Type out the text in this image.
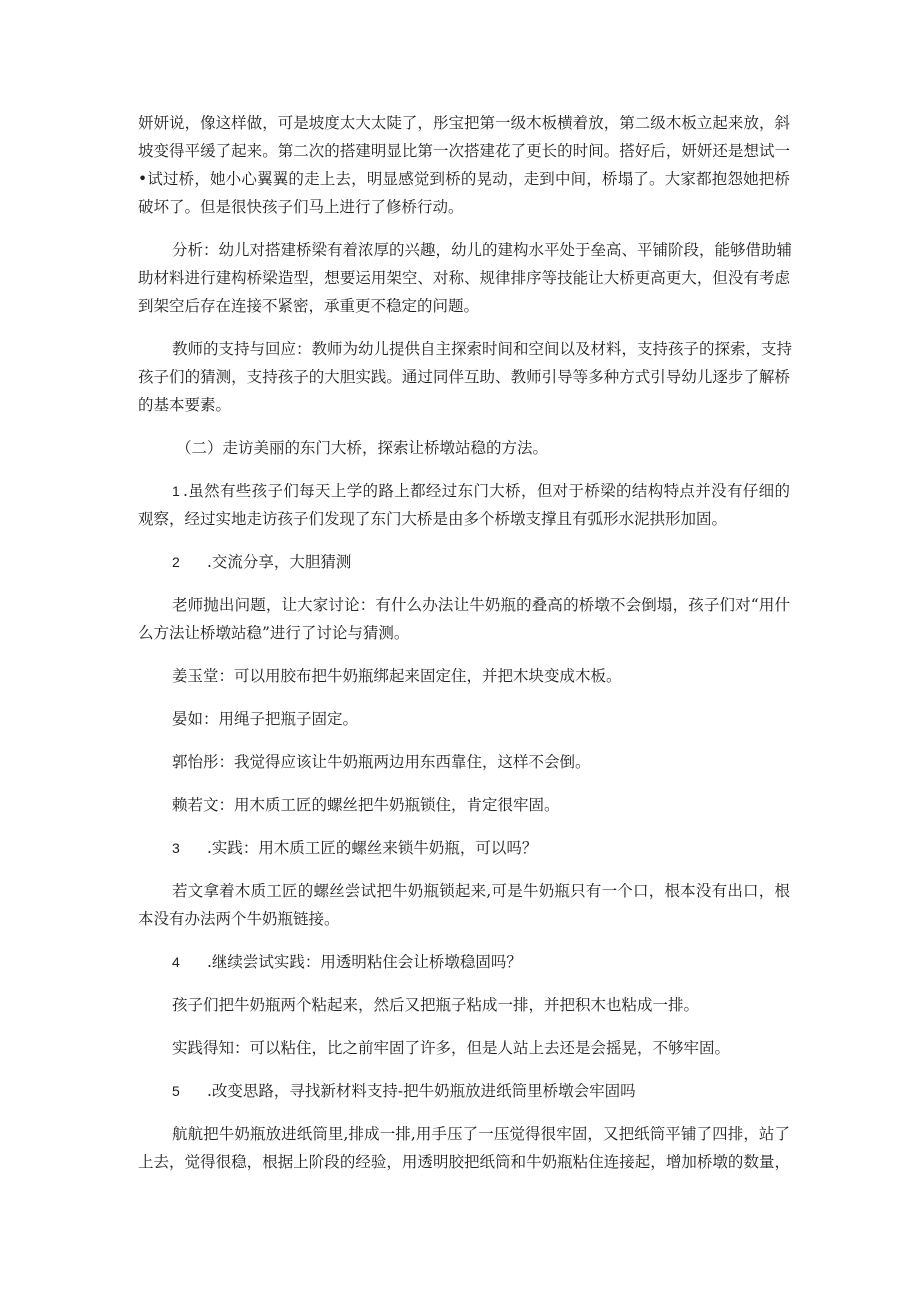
妍妍说，像这样做，可是坡度太大太陡了，彤宝把第一级木板横着放，第二级木板立起来放，斜
坡变得平缓了起来。第二次的搭建明显比第一次搭建花了更长的时间。搭好后，妍妍还是想试一
•试过桥，她小心翼翼的走上去，明显感觉到桥的晃动，走到中间，桥塌了。大家都抱怨她把桥
破坏了。但是很快孩子们马上进行了修桥行动。
分析：幼儿对搭建桥梁有着浓厚的兴趣，幼儿的建构水平处于垒高、平铺阶段，能够借助辅
助材料进行建构桥梁造型，想要运用架空、对称、规律排序等技能让大桥更高更大，但没有考虑
到架空后存在连接不紧密，承重更不稳定的问题。
教师的支持与回应：教师为幼儿提供自主探索时间和空间以及材料，支持孩子的探索，支持
孩子们的猜测，支持孩子的大胆实践。通过同伴互助、教师引导等多种方式引导幼儿逐步了解桥
的基本要素。
（二）走访美丽的东门大桥，探索让桥墩站稳的方法。
1 .虽然有些孩子们每天上学的路上都经过东门大桥，但对于桥梁的结构特点并没有仔细的
观察，经过实地走访孩子们发现了东门大桥是由多个桥墩支撑且有弧形水泥拱形加固。
2 .交流分享，大胆猜测
老师抛出问题，让大家讨论：有什么办法让牛奶瓶的叠高的桥墩不会倒塌，孩子们对“用什
么方法让桥墩站稳”进行了讨论与猜测。
姜玉堂：可以用胶布把牛奶瓶绑起来固定住，并把木块变成木板。
晏如：用绳子把瓶子固定。
郭怡彤：我觉得应该让牛奶瓶两边用东西靠住，这样不会倒。
赖若文：用木质工匠的螺丝把牛奶瓶锁住，肯定很牢固。
3 .实践：用木质工匠的螺丝来锁牛奶瓶，可以吗？
若文拿着木质工匠的螺丝尝试把牛奶瓶锁起来,可是牛奶瓶只有一个口，根本没有出口，根
本没有办法两个牛奶瓶链接。
4 .继续尝试实践：用透明粘住会让桥墩稳固吗？
孩子们把牛奶瓶两个粘起来，然后又把瓶子粘成一排，并把积木也粘成一排。
实践得知：可以粘住，比之前牢固了许多，但是人站上去还是会摇晃，不够牢固。
5 .改变思路，寻找新材料支持-把牛奶瓶放进纸筒里桥墩会牢固吗
航航把牛奶瓶放进纸筒里,排成一排,用手压了一压觉得很牢固，又把纸筒平铺了四排，站了
上去，觉得很稳，根据上阶段的经验，用透明胶把纸筒和牛奶瓶粘住连接起，增加桥墩的数量，
